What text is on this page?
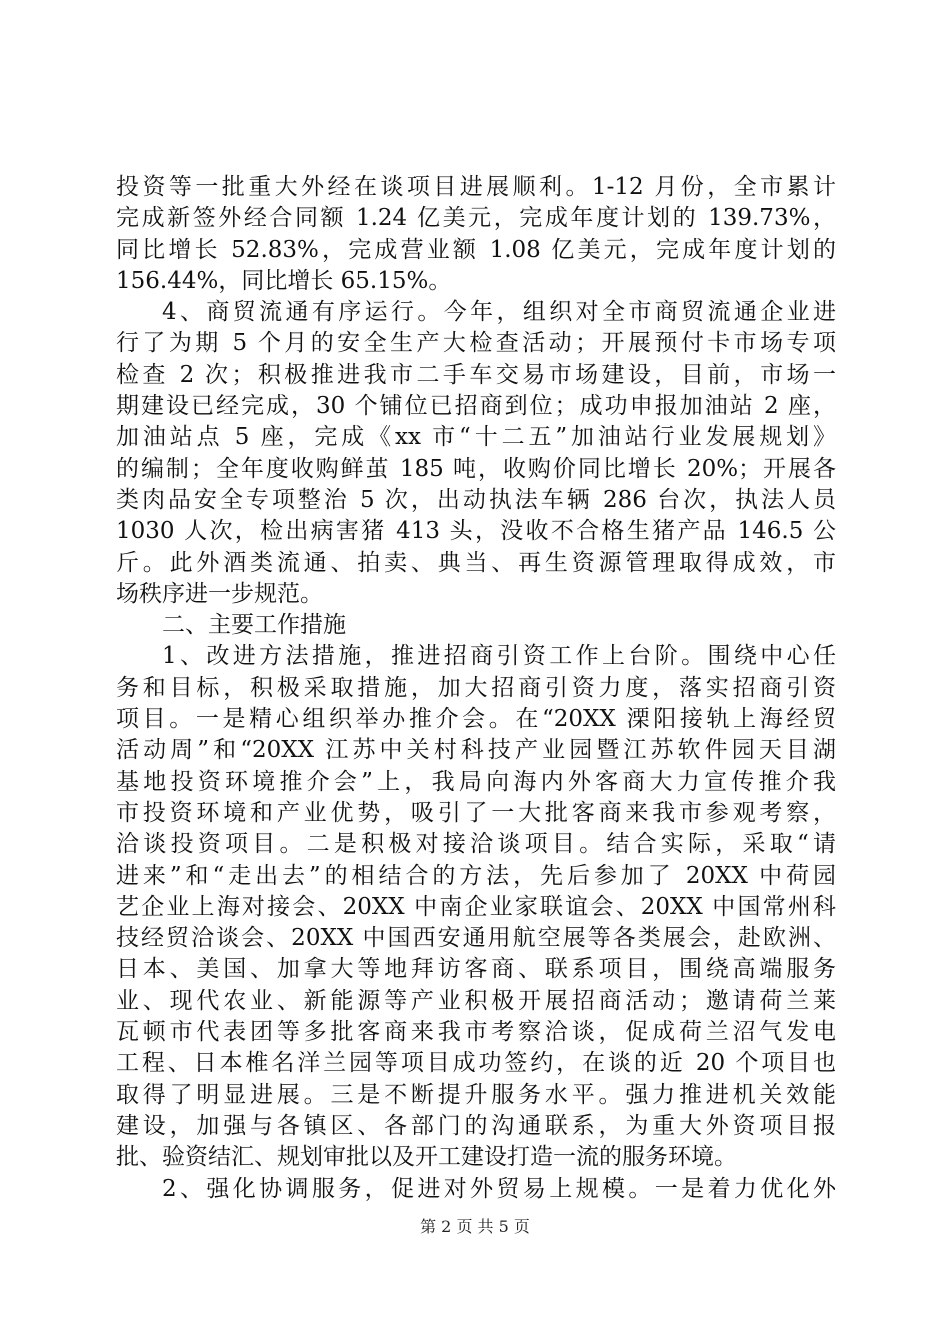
投资等一批重大外经在谈项目进展顺利。1-12 月份，全市累计
完成新签外经合同额 1.24 亿美元，完成年度计划的 139.73%，
同比增长 52.83%，完成营业额 1.08 亿美元，完成年度计划的
156.44%，同比增长 65.15%。
4、商贸流通有序运行。今年，组织对全市商贸流通企业进
行了为期 5 个月的安全生产大检查活动；开展预付卡市场专项
检查 2 次；积极推进我市二手车交易市场建设，目前，市场一
期建设已经完成，30 个铺位已招商到位；成功申报加油站 2 座，
加油站点 5 座，完成《xx 市“十二五”加油站行业发展规划》
的编制；全年度收购鲜茧 185 吨，收购价同比增长 20%；开展各
类肉品安全专项整治 5 次，出动执法车辆 286 台次，执法人员
1030 人次，检出病害猪 413 头，没收不合格生猪产品 146.5 公
斤。此外酒类流通、拍卖、典当、再生资源管理取得成效，市
场秩序进一步规范。
二、主要工作措施
1、改进方法措施，推进招商引资工作上台阶。围绕中心任
务和目标，积极采取措施，加大招商引资力度，落实招商引资
项目。一是精心组织举办推介会。在“20XX 溧阳接轨上海经贸
活动周”和“20XX 江苏中关村科技产业园暨江苏软件园天目湖
基地投资环境推介会”上，我局向海内外客商大力宣传推介我
市投资环境和产业优势，吸引了一大批客商来我市参观考察，
洽谈投资项目。二是积极对接洽谈项目。结合实际，采取“请
进来”和“走出去”的相结合的方法，先后参加了 20XX 中荷园
艺企业上海对接会、20XX 中南企业家联谊会、20XX 中国常州科
技经贸洽谈会、20XX 中国西安通用航空展等各类展会，赴欧洲、
日本、美国、加拿大等地拜访客商、联系项目，围绕高端服务
业、现代农业、新能源等产业积极开展招商活动；邀请荷兰莱
瓦顿市代表团等多批客商来我市考察洽谈，促成荷兰沼气发电
工程、日本椎名洋兰园等项目成功签约，在谈的近 20 个项目也
取得了明显进展。三是不断提升服务水平。强力推进机关效能
建设，加强与各镇区、各部门的沟通联系，为重大外资项目报
批、验资结汇、规划审批以及开工建设打造一流的服务环境。
2、强化协调服务，促进对外贸易上规模。一是着力优化外
第 2 页 共 5 页
